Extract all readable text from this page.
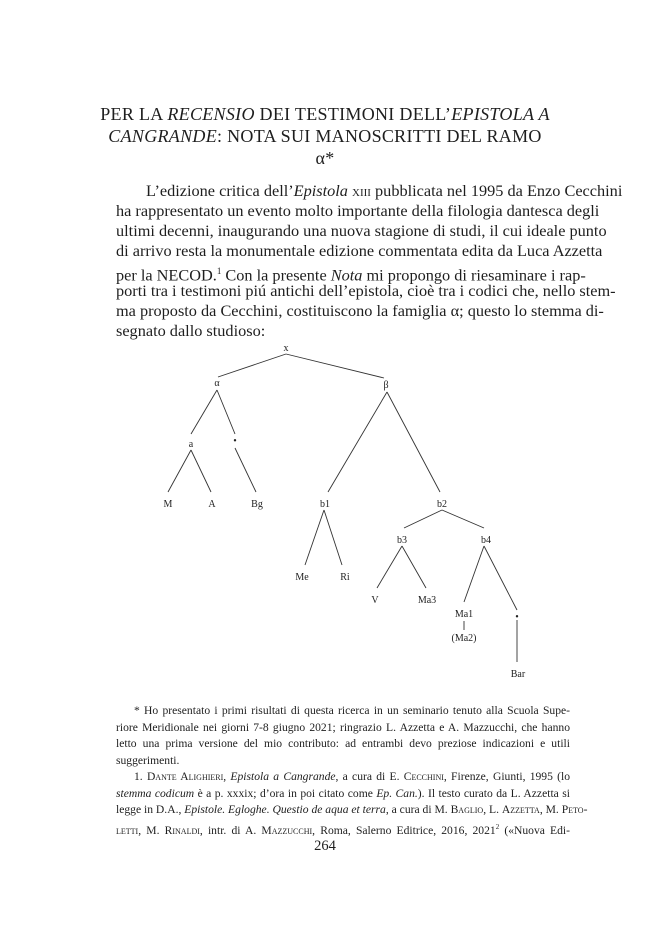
PER LA RECENSIO DEI TESTIMONI DELL’EPISTOLA A
CANGRANDE: NOTA SUI MANOSCRITTI DEL RAMO α*
L’edizione critica dell’Epistola xiii pubblicata nel 1995 da Enzo Cecchini
ha rappresentato un evento molto importante della filologia dantesca degli
ultimi decenni, inaugurando una nuova stagione di studi, il cui ideale punto
di arrivo resta la monumentale edizione commentata edita da Luca Azzetta
per la NECOD.$^1$ Con la presente Nota mi propongo di riesaminare i rap-
porti tra i testimoni piú antichi dell’epistola, cioè tra i codici che, nello stem-
ma proposto da Cecchini, costituiscono la famiglia α; questo lo stemma di-
segnato dallo studioso:
x
α	β
a	•
M	A	Bg	b1	b2
Me	Ri
b3	b4
V	Ma3
Ma1
(Ma2)
•
Bar
* Ho presentato i primi risultati di questa ricerca in un seminario tenuto alla Scuola Supe-
riore Meridionale nei giorni 7-8 giugno 2021; ringrazio L. Azzetta e A. Mazzucchi, che hanno
letto una prima versione del mio contributo: ad entrambi devo preziose indicazioni e utili
suggerimenti.
1. Dante Alighieri, Epistola a Cangrande, a cura di E. Cecchini, Firenze, Giunti, 1995 (lo
stemma codicum è a p. xxxix; d’ora in poi citato come Ep. Can.). Il testo curato da L. Azzetta si
legge in D.A., Epistole. Egloghe. Questio de aqua et terra, a cura di M. Baglio, L. Azzetta, M. Peto-
letti, M. Rinaldi, intr. di A. Mazzucchi, Roma, Salerno Editrice, 2016, 2021$^2$ («Nuova Edi-
264
